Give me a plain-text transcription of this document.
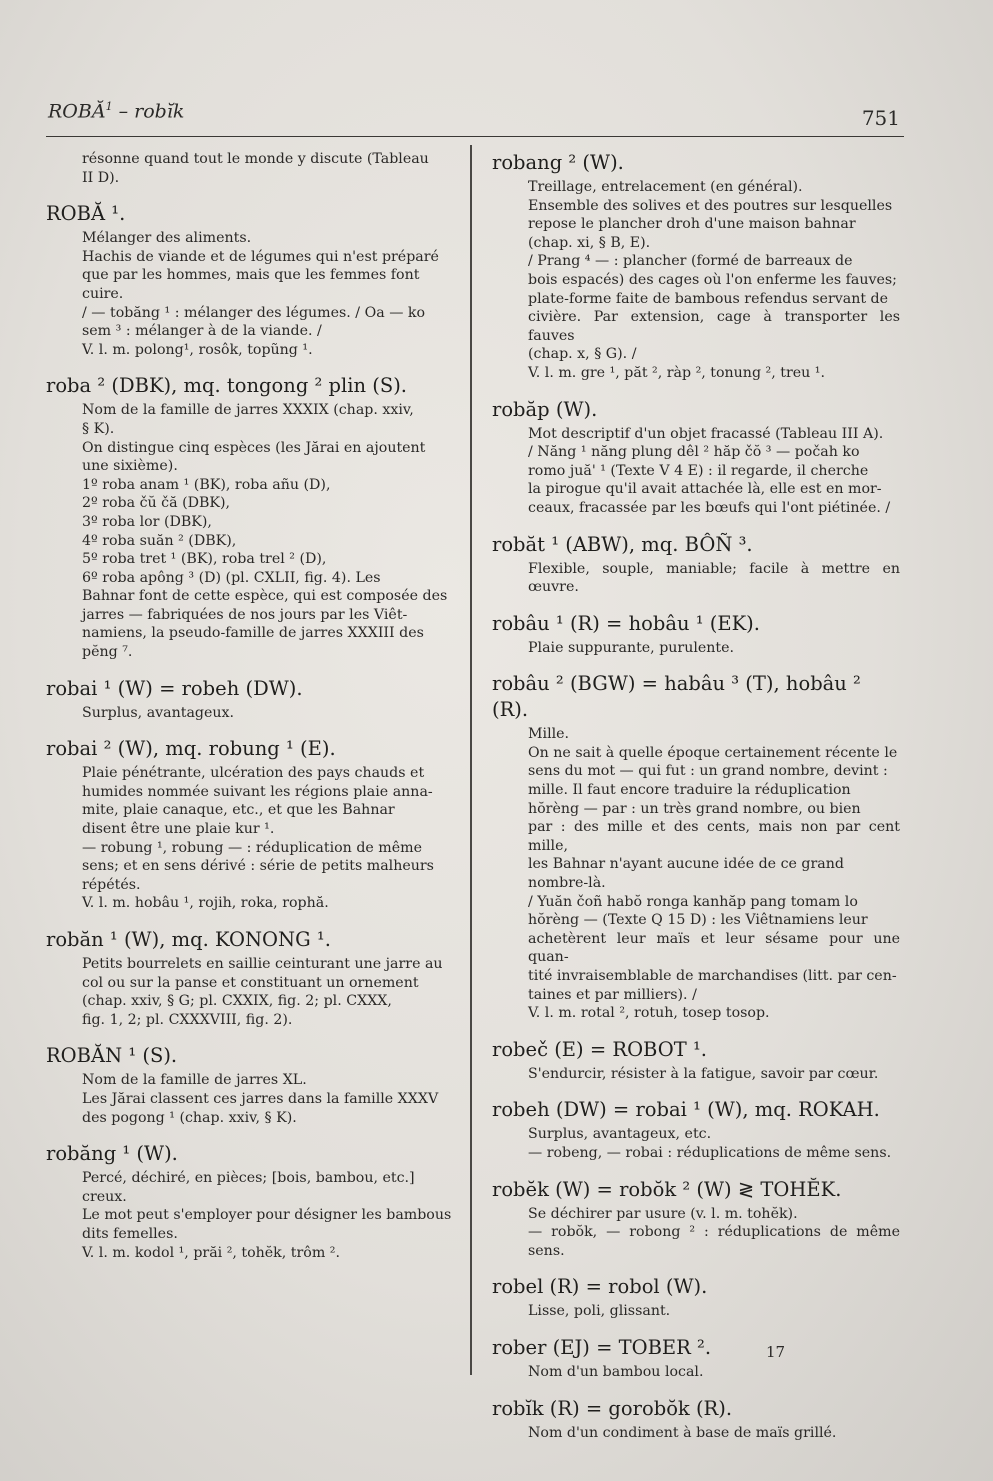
ROBĂ$^1$ – robĭk	751
résonne quand tout le monde y discute (Tableau
II D).
ROBĂ ¹.
Mélanger des aliments.
Hachis de viande et de légumes qui n'est préparé
que par les hommes, mais que les femmes font
cuire.
/ — tobăng ¹ : mélanger des légumes. / Oa — ko
sem ³ : mélanger à de la viande. /
V. l. m. polong¹, rosôk, topũng ¹.
roba ² (DBK), mq. tongong ² plin (S).
Nom de la famille de jarres XXXIX (chap. xxiv,
§ K).
On distingue cinq espèces (les Jărai en ajoutent
une sixième).
1º roba anam ¹ (BK), roba añu (D),
2º roba čŭ čă (DBK),
3º roba lor (DBK),
4º roba suăn ² (DBK),
5º roba tret ¹ (BK), roba trel ² (D),
6º roba apông ³ (D) (pl. CXLII, fig. 4). Les
Bahnar font de cette espèce, qui est composée des
jarres — fabriquées de nos jours par les Viêt-
namiens, la pseudo-famille de jarres XXXIII des
pĕng ⁷.
robai ¹ (W) = robeh (DW).
Surplus, avantageux.
robai ² (W), mq. robung ¹ (E).
Plaie pénétrante, ulcération des pays chauds et
humides nommée suivant les régions plaie anna-
mite, plaie canaque, etc., et que les Bahnar
disent être une plaie kur ¹.
— robung ¹, robung — : réduplication de même
sens; et en sens dérivé : série de petits malheurs
répétés.
V. l. m. hobâu ¹, rojih, roka, rophă.
robăn ¹ (W), mq. KONONG ¹.
Petits bourrelets en saillie ceinturant une jarre au
col ou sur la panse et constituant un ornement
(chap. xxiv, § G; pl. CXXIX, fig. 2; pl. CXXX,
fig. 1, 2; pl. CXXXVIII, fig. 2).
ROBĂN ¹ (S).
Nom de la famille de jarres XL.
Les Jărai classent ces jarres dans la famille XXXV
des pogong ¹ (chap. xxiv, § K).
robăng ¹ (W).
Percé, déchiré, en pièces; [bois, bambou, etc.]
creux.
Le mot peut s'employer pour désigner les bambous
dits femelles.
V. l. m. kodol ¹, prăi ², tohĕk, trôm ².
robang ² (W).
Treillage, entrelacement (en général).
Ensemble des solives et des poutres sur lesquelles
repose le plancher droh d'une maison bahnar
(chap. xi, § B, E).
/ Prang ⁴ — : plancher (formé de barreaux de
bois espacés) des cages où l'on enferme les fauves;
plate-forme faite de bambous refendus servant de
civière. Par extension, cage à transporter les fauves
(chap. x, § G). /
V. l. m. gre ¹, păt ², ràp ², tonung ², treu ¹.
robăp (W).
Mot descriptif d'un objet fracassé (Tableau III A).
/ Năng ¹ năng plung dêl ² hăp čŏ ³ — počah ko
romo juă' ¹ (Texte V 4 E) : il regarde, il cherche
la pirogue qu'il avait attachée là, elle est en mor-
ceaux, fracassée par les bœufs qui l'ont piétinée. /
robăt ¹ (ABW), mq. BÔÑ ³.
Flexible, souple, maniable; facile à mettre en œuvre.
robâu ¹ (R) = hobâu ¹ (EK).
Plaie suppurante, purulente.
robâu ² (BGW) = habâu ³ (T), hobâu ² (R).
Mille.
On ne sait à quelle époque certainement récente le
sens du mot — qui fut : un grand nombre, devint :
mille. Il faut encore traduire la réduplication
hŏrèng — par : un très grand nombre, ou bien
par : des mille et des cents, mais non par cent mille,
les Bahnar n'ayant aucune idée de ce grand
nombre-là.
/ Yuăn čoñ habŏ ronga kanhăp pang tomam lo
hŏrèng — (Texte Q 15 D) : les Viêtnamiens leur
achetèrent leur maïs et leur sésame pour une quan-
tité invraisemblable de marchandises (litt. par cen-
taines et par milliers). /
V. l. m. rotal ², rotuh, tosep tosop.
robeč (E) = ROBOT ¹.
S'endurcir, résister à la fatigue, savoir par cœur.
robeh (DW) = robai ¹ (W), mq. ROKAH.
Surplus, avantageux, etc.
— robeng, — robai : réduplications de même sens.
robĕk (W) = robŏk ² (W) ≷ TOHĔK.
Se déchirer par usure (v. l. m. tohĕk).
— robŏk, — robong ² : réduplications de même sens.
robel (R) = robol (W).
Lisse, poli, glissant.
rober (EJ) = TOBER ².
Nom d'un bambou local.
robĭk (R) = gorobŏk (R).
Nom d'un condiment à base de maïs grillé.
17
